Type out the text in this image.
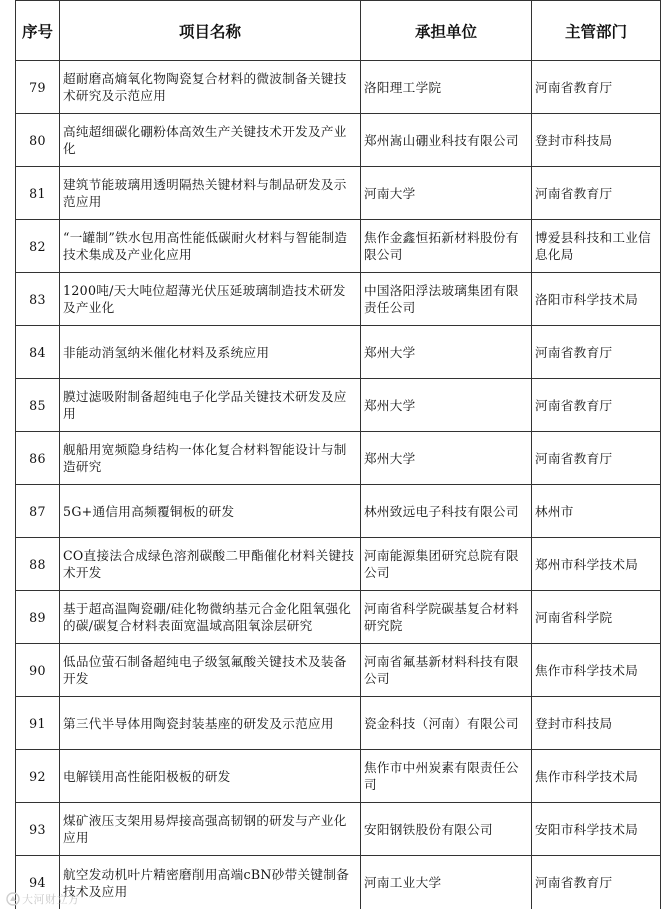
序号	项目名称	承担单位	主管部门
79	超耐磨高熵氧化物陶瓷复合材料的微波制备关键技术研究及示范应用	洛阳理工学院	河南省教育厅
80	高纯超细碳化硼粉体高效生产关键技术开发及产业化	郑州嵩山硼业科技有限公司	登封市科技局
81	建筑节能玻璃用透明隔热关键材料与制品研发及示范应用	河南大学	河南省教育厅
82	“一罐制”铁水包用高性能低碳耐火材料与智能制造技术集成及产业化应用	焦作金鑫恒拓新材料股份有限公司	博爱县科技和工业信息化局
83	1200吨/天大吨位超薄光伏压延玻璃制造技术研发及产业化	中国洛阳浮法玻璃集团有限责任公司	洛阳市科学技术局
84	非能动消氢纳米催化材料及系统应用	郑州大学	河南省教育厅
85	膜过滤吸附制备超纯电子化学品关键技术研发及应用	郑州大学	河南省教育厅
86	舰船用宽频隐身结构一体化复合材料智能设计与制造研究	郑州大学	河南省教育厅
87	5G+通信用高频覆铜板的研发	林州致远电子科技有限公司	林州市
88	CO直接法合成绿色溶剂碳酸二甲酯催化材料关键技术开发	河南能源集团研究总院有限公司	郑州市科学技术局
89	基于超高温陶瓷硼/硅化物微纳基元合金化阻氧强化的碳/碳复合材料表面宽温域高阻氧涂层研究	河南省科学院碳基复合材料研究院	河南省科学院
90	低品位萤石制备超纯电子级氢氟酸关键技术及装备开发	河南省氟基新材料科技有限公司	焦作市科学技术局
91	第三代半导体用陶瓷封装基座的研发及示范应用	瓷金科技（河南）有限公司	登封市科技局
92	电解镁用高性能阳极板的研发	焦作市中州炭素有限责任公司	焦作市科学技术局
93	煤矿液压支架用易焊接高强高韧钢的研发与产业化应用	安阳钢铁股份有限公司	安阳市科学技术局
94	航空发动机叶片精密磨削用高端cBN砂带关键制备技术及应用	河南工业大学	河南省教育厅
大河财立方
